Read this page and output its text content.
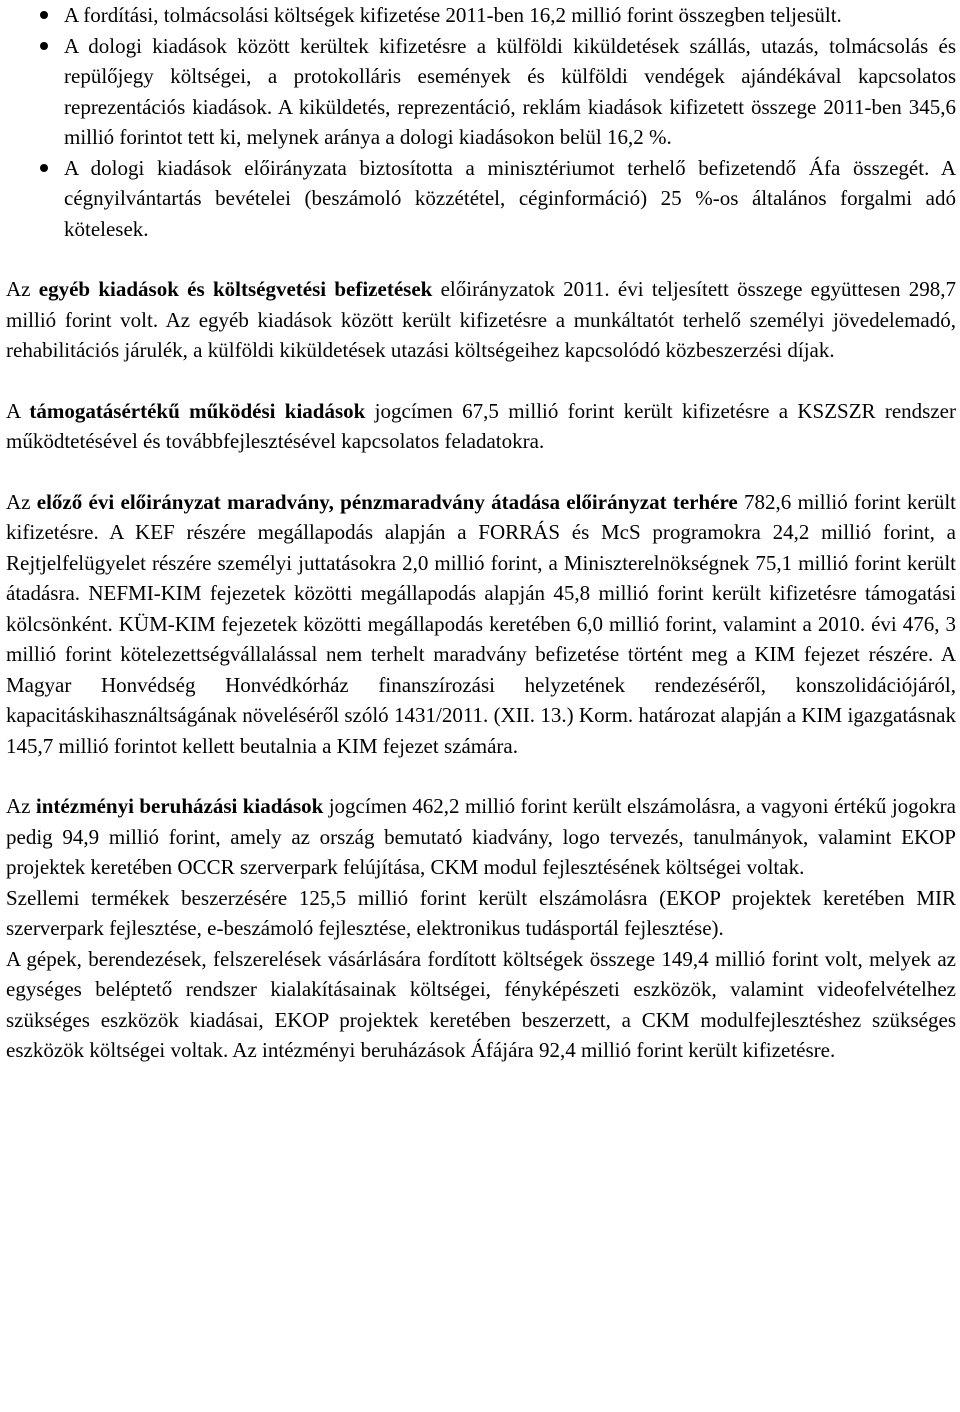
A fordítási, tolmácsolási költségek kifizetése 2011-ben 16,2 millió forint összegben teljesült.
A dologi kiadások között kerültek kifizetésre a külföldi kiküldetések szállás, utazás, tolmácsolás és repülőjegy költségei, a protokolláris események és külföldi vendégek ajándékával kapcsolatos reprezentációs kiadások. A kiküldetés, reprezentáció, reklám kiadások kifizetett összege 2011-ben 345,6 millió forintot tett ki, melynek aránya a dologi kiadásokon belül 16,2 %.
A dologi kiadások előirányzata biztosította a minisztériumot terhelő befizetendő Áfa összegét. A cégnyilvántartás bevételei (beszámoló közzététel, céginformáció) 25 %-os általános forgalmi adó kötelesek.

Az egyéb kiadások és költségvetési befizetések előirányzatok 2011. évi teljesített összege együttesen 298,7 millió forint volt. Az egyéb kiadások között került kifizetésre a munkáltatót terhelő személyi jövedelemadó, rehabilitációs járulék, a külföldi kiküldetések utazási költségeihez kapcsolódó közbeszerzési díjak.

A támogatásértékű működési kiadások jogcímen 67,5 millió forint került kifizetésre a KSZSZR rendszer működtetésével és továbbfejlesztésével kapcsolatos feladatokra.

Az előző évi előirányzat maradvány, pénzmaradvány átadása előirányzat terhére 782,6 millió forint került kifizetésre. A KEF részére megállapodás alapján a FORRÁS és McS programokra 24,2 millió forint, a Rejtjelfelügyelet részére személyi juttatásokra 2,0 millió forint, a Miniszterelnökségnek 75,1 millió forint került átadásra. NEFMI-KIM fejezetek közötti megállapodás alapján 45,8 millió forint került kifizetésre támogatási kölcsönként. KÜM-KIM fejezetek közötti megállapodás keretében 6,0 millió forint, valamint a 2010. évi 476, 3 millió forint kötelezettségvállalással nem terhelt maradvány befizetése történt meg a KIM fejezet részére. A Magyar Honvédség Honvédkórház finanszírozási helyzetének rendezéséről, konszolidációjáról, kapacitáskihasználtságának növeléséről szóló 1431/2011. (XII. 13.) Korm. határozat alapján a KIM igazgatásnak 145,7 millió forintot kellett beutalnia a KIM fejezet számára.

Az intézményi beruházási kiadások jogcímen 462,2 millió forint került elszámolásra, a vagyoni értékű jogokra pedig 94,9 millió forint, amely az ország bemutató kiadvány, logo tervezés, tanulmányok, valamint EKOP projektek keretében OCCR szerverpark felújítása, CKM modul fejlesztésének költségei voltak.

Szellemi termékek beszerzésére 125,5 millió forint került elszámolásra (EKOP projektek keretében MIR szerverpark fejlesztése, e-beszámoló fejlesztése, elektronikus tudásportál fejlesztése).

A gépek, berendezések, felszerelések vásárlására fordított költségek összege 149,4 millió forint volt, melyek az egységes beléptető rendszer kialakításainak költségei, fényképészeti eszközök, valamint videofelvételhez szükséges eszközök kiadásai, EKOP projektek keretében beszerzett, a CKM modulfejlesztéshez szükséges eszközök költségei voltak. Az intézményi beruházások Áfájára 92,4 millió forint került kifizetésre.
